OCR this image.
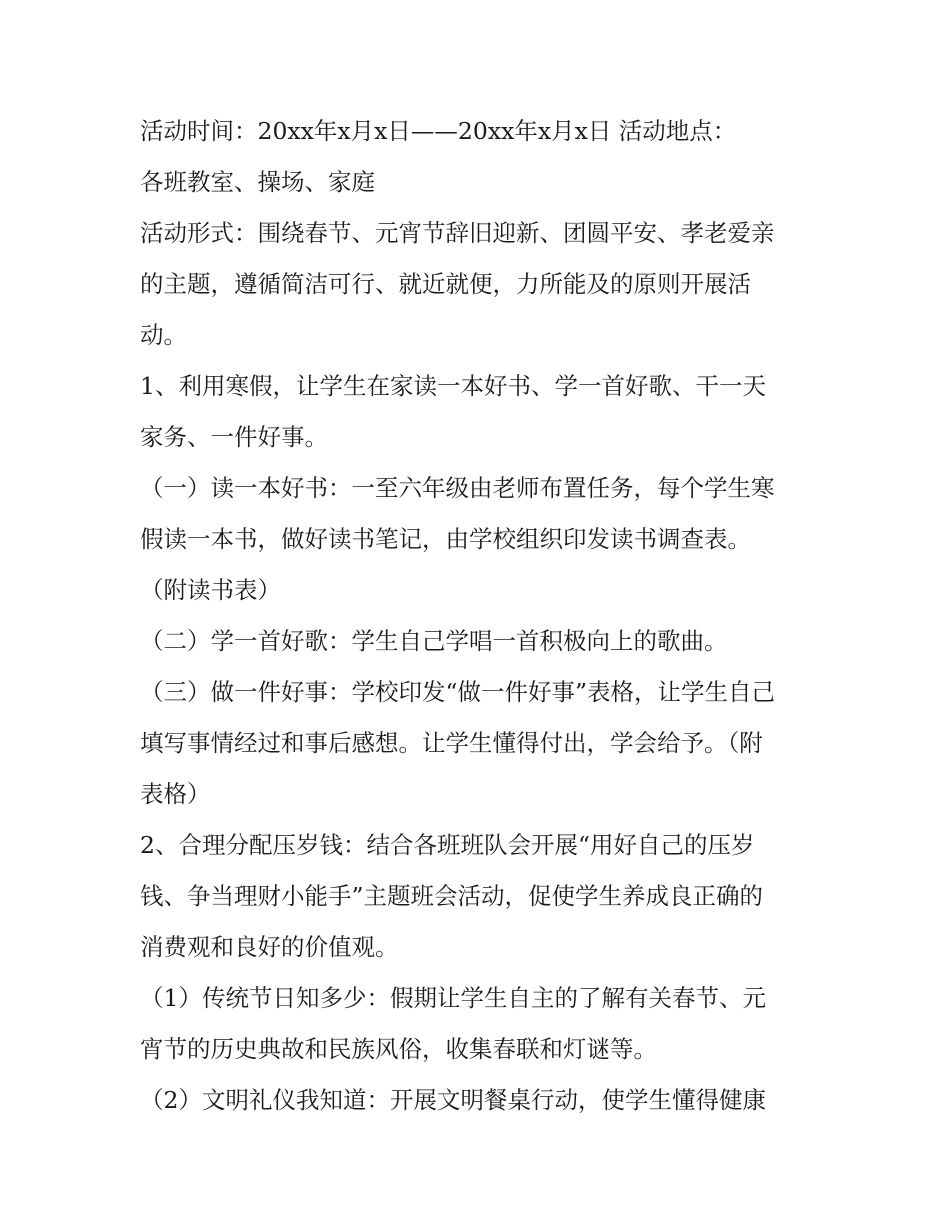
活动时间：20xx年x月x日——20xx年x月x日 活动地点：
各班教室、操场、家庭

活动形式：围绕春节、元宵节辞旧迎新、团圆平安、孝老爱亲
的主题，遵循简洁可行、就近就便，力所能及的原则开展活
动。

1、利用寒假，让学生在家读一本好书、学一首好歌、干一天
家务、一件好事。

（一）读一本好书：一至六年级由老师布置任务，每个学生寒
假读一本书，做好读书笔记，由学校组织印发读书调查表。
（附读书表）

（二）学一首好歌：学生自己学唱一首积极向上的歌曲。

（三）做一件好事：学校印发“做一件好事”表格，让学生自己
填写事情经过和事后感想。让学生懂得付出，学会给予。（附
表格）

2、合理分配压岁钱：结合各班班队会开展“用好自己的压岁
钱、争当理财小能手”主题班会活动，促使学生养成良正确的
消费观和良好的价值观。

（1）传统节日知多少：假期让学生自主的了解有关春节、元
宵节的历史典故和民族风俗，收集春联和灯谜等。

（2）文明礼仪我知道：开展文明餐桌行动，使学生懂得健康
